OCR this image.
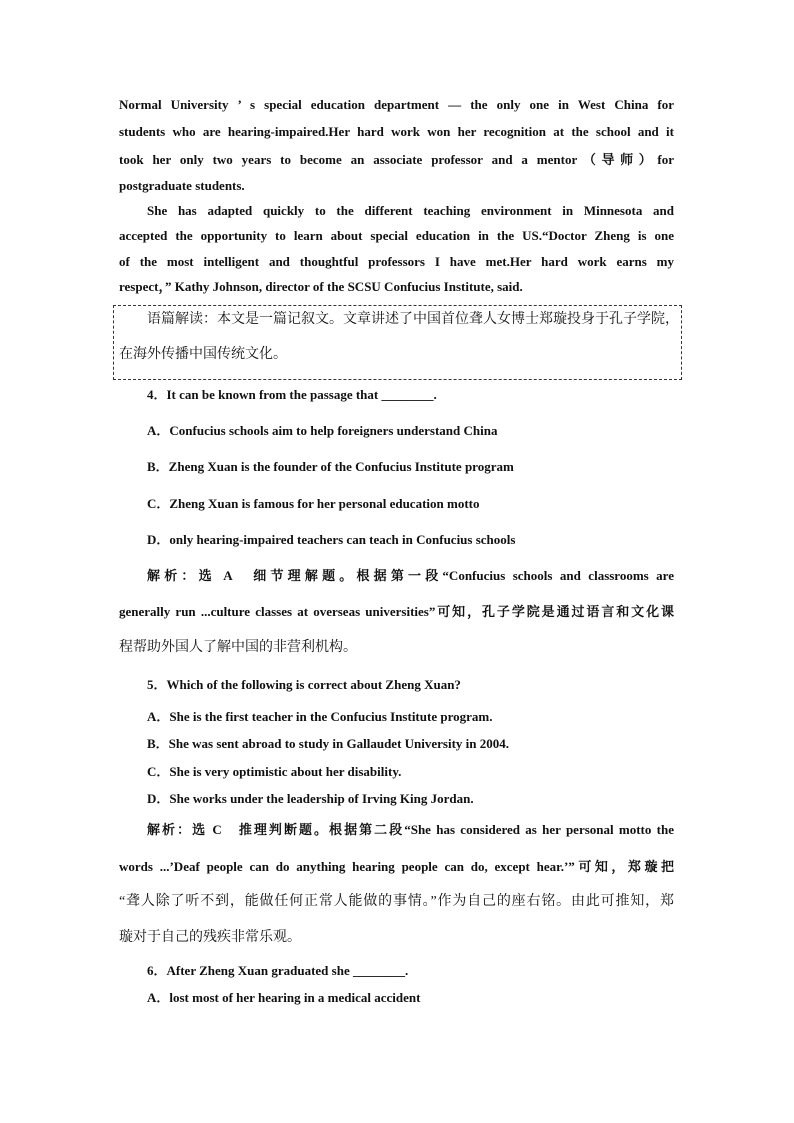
Normal University ’ s special education department — the only one in West China for
students who are hearing-impaired.Her hard work won her recognition at the school and it
took her only two years to become an associate professor and a mentor（导师）for
postgraduate students.
She has adapted quickly to the different teaching environment in Minnesota and
accepted the opportunity to learn about special education in the US.“Doctor Zheng is one
of the most intelligent and thoughtful professors I have met.Her hard work earns my
respect，” Kathy Johnson, director of the SCSU Confucius Institute, said.
语篇解读：本文是一篇记叙文。文章讲述了中国首位聋人女博士郑璇投身于孔子学院，
在海外传播中国传统文化。
4．It can be known from the passage that ________.
A．Confucius schools aim to help foreigners understand China
B．Zheng Xuan is the founder of the Confucius Institute program
C．Zheng Xuan is famous for her personal education motto
D．only hearing-impaired teachers can teach in Confucius schools
解析：选 A　细节理解题。根据第一段“Confucius schools and classrooms are
generally run ...culture classes at overseas universities”可知，孔子学院是通过语言和文化课
程帮助外国人了解中国的非营利机构。
5．Which of the following is correct about Zheng Xuan?
A．She is the first teacher in the Confucius Institute program.
B．She was sent abroad to study in Gallaudet University in 2004.
C．She is very optimistic about her disability.
D．She works under the leadership of Irving King Jordan.
解析：选 C　推理判断题。根据第二段“She has considered as her personal motto the
words ...’Deaf people can do anything hearing people can do, except hear.’”可知，郑璇把
“聋人除了听不到，能做任何正常人能做的事情。”作为自己的座右铭。由此可推知，郑
璇对于自己的残疾非常乐观。
6．After Zheng Xuan graduated she ________.
A．lost most of her hearing in a medical accident
